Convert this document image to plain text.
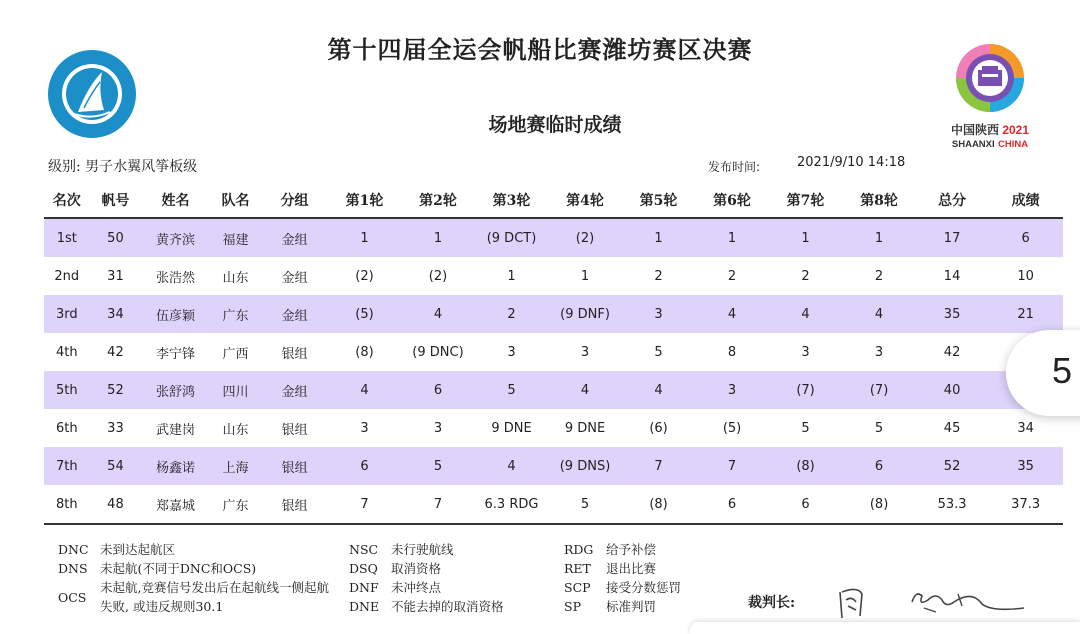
中国陕西 2021
SHAANXI CHINA
第十四届全运会帆船比赛潍坊赛区决赛
场地赛临时成绩
级别: 男子水翼风筝板级	发布时间:	2021/9/10 14:18
名次	帆号	姓名	队名	分组	第1轮	第2轮	第3轮	第4轮	第5轮	第6轮	第7轮	第8轮	总分	成绩
1st	50	黄齐滨	福建	金组	1	1	(9 DCT)	(2)	1	1	1	1	17	6
2nd	31	张浩然	山东	金组	(2)	(2)	1	1	2	2	2	2	14	10
3rd	34	伍彦颖	广东	金组	(5)	4	2	(9 DNF)	3	4	4	4	35	21
4th	42	李宁锋	广西	银组	(8)	(9 DNC)	3	3	5	8	3	3	42	
5th	52	张舒鸿	四川	金组	4	6	5	4	4	3	(7)	(7)	40	
6th	33	武建岗	山东	银组	3	3	9 DNE	9 DNE	(6)	(5)	5	5	45	34
7th	54	杨鑫诺	上海	银组	6	5	4	(9 DNS)	7	7	(8)	6	52	35
8th	48	郑嘉城	广东	银组	7	7	6.3 RDG	5	(8)	6	6	(8)	53.3	37.3
DNC 未到达起航区
DNS 未起航(不同于DNC和OCS)
OCS
未起航,竞赛信号发出后在起航线一侧起航失败, 或违反规则30.1
NSC 未行驶航线
DSQ 取消资格
DNF 未冲终点
DNE 不能去掉的取消资格
RDG 给予补偿
RET 退出比赛
SCP 接受分数惩罚
SP 标准判罚	裁判长:
5
